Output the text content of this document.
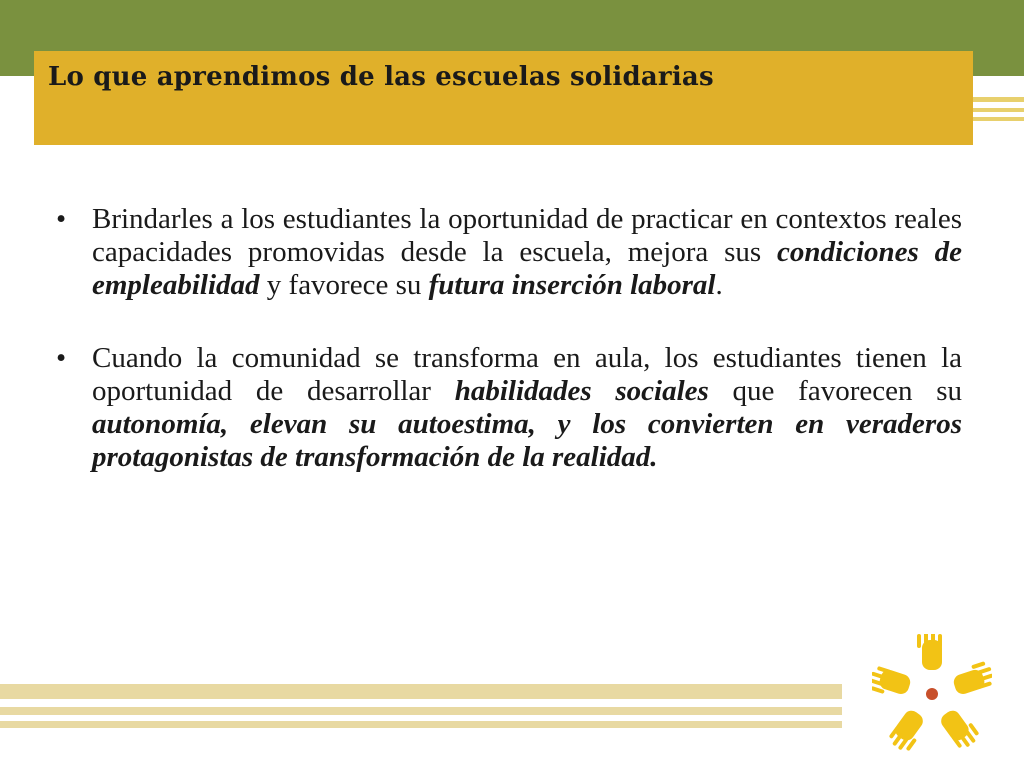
Lo que aprendimos de las escuelas solidarias
• Brindarles a los estudiantes la oportunidad de practicar en contextos reales capacidades promovidas desde la escuela, mejora sus condiciones de empleabilidad y favorece su futura inserción laboral.
• Cuando la comunidad se transforma en aula, los estudiantes tienen la oportunidad de desarrollar habilidades sociales que favorecen su autonomía, elevan su autoestima, y los convierten en veraderos protagonistas de transformación de la realidad.
